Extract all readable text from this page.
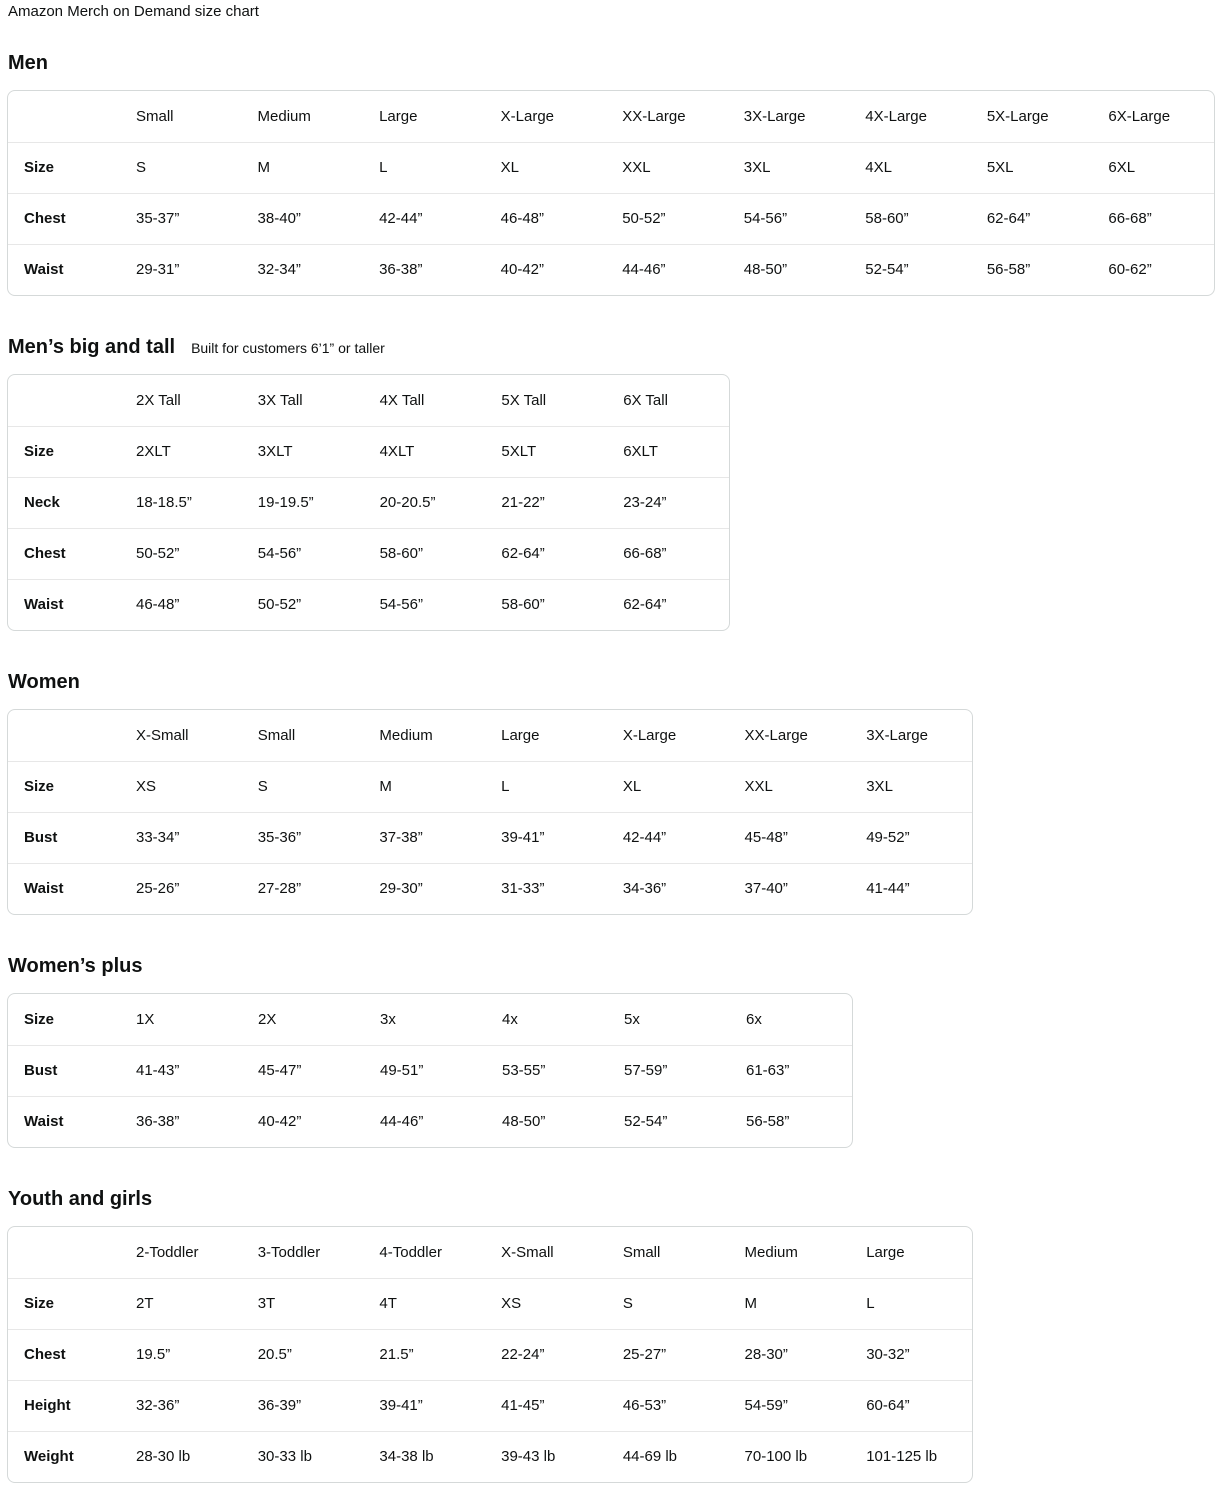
Amazon Merch on Demand size chart

Men
	Small	Medium	Large	X-Large	XX-Large	3X-Large	4X-Large	5X-Large	6X-Large
Size	S	M	L	XL	XXL	3XL	4XL	5XL	6XL
Chest	35-37”	38-40”	42-44”	46-48”	50-52”	54-56”	58-60”	62-64”	66-68”
Waist	29-31”	32-34”	36-38”	40-42”	44-46”	48-50”	52-54”	56-58”	60-62”
Men’s big and tall Built for customers 6’1” or taller
	2X Tall	3X Tall	4X Tall	5X Tall	6X Tall
Size	2XLT	3XLT	4XLT	5XLT	6XLT
Neck	18-18.5”	19-19.5”	20-20.5”	21-22”	23-24”
Chest	50-52”	54-56”	58-60”	62-64”	66-68”
Waist	46-48”	50-52”	54-56”	58-60”	62-64”
Women
	X-Small	Small	Medium	Large	X-Large	XX-Large	3X-Large
Size	XS	S	M	L	XL	XXL	3XL
Bust	33-34”	35-36”	37-38”	39-41”	42-44”	45-48”	49-52”
Waist	25-26”	27-28”	29-30”	31-33”	34-36”	37-40”	41-44”
Women’s plus
Size	1X	2X	3x	4x	5x	6x
Bust	41-43”	45-47”	49-51”	53-55”	57-59”	61-63”
Waist	36-38”	40-42”	44-46”	48-50”	52-54”	56-58”
Youth and girls
	2-Toddler	3-Toddler	4-Toddler	X-Small	Small	Medium	Large
Size	2T	3T	4T	XS	S	M	L
Chest	19.5”	20.5”	21.5”	22-24”	25-27”	28-30”	30-32”
Height	32-36”	36-39”	39-41”	41-45”	46-53”	54-59”	60-64”
Weight	28-30 lb	30-33 lb	34-38 lb	39-43 lb	44-69 lb	70-100 lb	101-125 lb
